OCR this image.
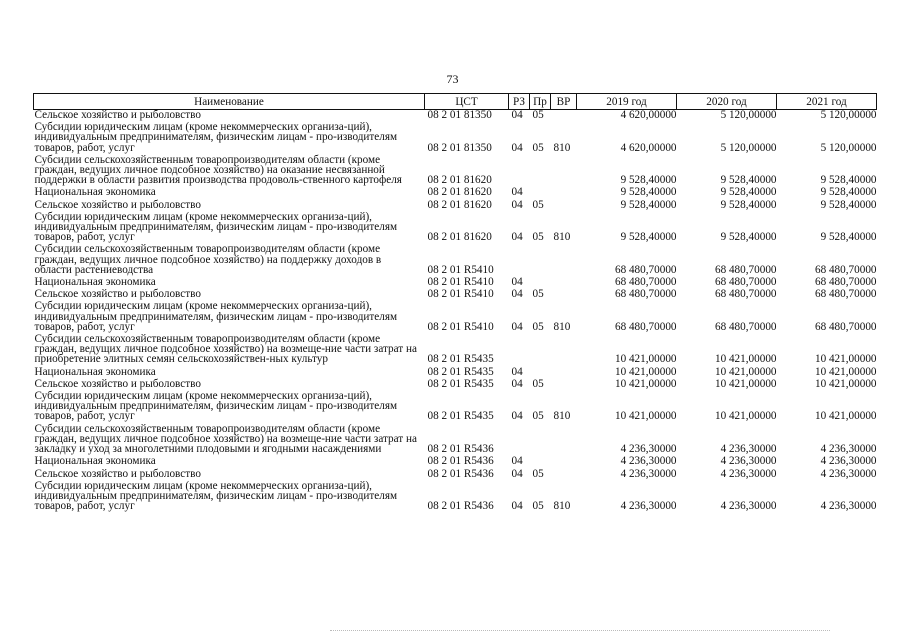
73
Наименование	ЦСТ	РЗ	Пр	ВР	2019 год	2020 год	2021 год
Сельское хозяйство и рыболовство	08 2 01 81350	04	05		4 620,00000	5 120,00000	5 120,00000
Субсидии юридическим лицам (кроме некоммерческих организа-ций), индивидуальным предпринимателям, физическим лицам - про-изводителям товаров, работ, услуг	08 2 01 81350	04	05	810	4 620,00000	5 120,00000	5 120,00000
Субсидии сельскохозяйственным товаропроизводителям области (кроме граждан, ведущих личное подсобное хозяйство) на оказание несвязанной поддержки в области развития производства продоволь-ственного картофеля	08 2 01 81620				9 528,40000	9 528,40000	9 528,40000
Национальная экономика	08 2 01 81620	04			9 528,40000	9 528,40000	9 528,40000
Сельское хозяйство и рыболовство	08 2 01 81620	04	05		9 528,40000	9 528,40000	9 528,40000
Субсидии юридическим лицам (кроме некоммерческих организа-ций), индивидуальным предпринимателям, физическим лицам - про-изводителям товаров, работ, услуг	08 2 01 81620	04	05	810	9 528,40000	9 528,40000	9 528,40000
Субсидии сельскохозяйственным товаропроизводителям области (кроме граждан, ведущих личное подсобное хозяйство) на поддержку доходов в области растениеводства	08 2 01 R5410				68 480,70000	68 480,70000	68 480,70000
Национальная экономика	08 2 01 R5410	04			68 480,70000	68 480,70000	68 480,70000
Сельское хозяйство и рыболовство	08 2 01 R5410	04	05		68 480,70000	68 480,70000	68 480,70000
Субсидии юридическим лицам (кроме некоммерческих организа-ций), индивидуальным предпринимателям, физическим лицам - про-изводителям товаров, работ, услуг	08 2 01 R5410	04	05	810	68 480,70000	68 480,70000	68 480,70000
Субсидии сельскохозяйственным товаропроизводителям области (кроме граждан, ведущих личное подсобное хозяйство) на возмеще-ние части затрат на приобретение элитных семян сельскохозяйствен-ных культур	08 2 01 R5435				10 421,00000	10 421,00000	10 421,00000
Национальная экономика	08 2 01 R5435	04			10 421,00000	10 421,00000	10 421,00000
Сельское хозяйство и рыболовство	08 2 01 R5435	04	05		10 421,00000	10 421,00000	10 421,00000
Субсидии юридическим лицам (кроме некоммерческих организа-ций), индивидуальным предпринимателям, физическим лицам - про-изводителям товаров, работ, услуг	08 2 01 R5435	04	05	810	10 421,00000	10 421,00000	10 421,00000
Субсидии сельскохозяйственным товаропроизводителям области (кроме граждан, ведущих личное подсобное хозяйство) на возмеще-ние части затрат на закладку и уход за многолетними плодовыми и ягодными насаждениями	08 2 01 R5436				4 236,30000	4 236,30000	4 236,30000
Национальная экономика	08 2 01 R5436	04			4 236,30000	4 236,30000	4 236,30000
Сельское хозяйство и рыболовство	08 2 01 R5436	04	05		4 236,30000	4 236,30000	4 236,30000
Субсидии юридическим лицам (кроме некоммерческих организа-ций), индивидуальным предпринимателям, физическим лицам - про-изводителям товаров, работ, услуг	08 2 01 R5436	04	05	810	4 236,30000	4 236,30000	4 236,30000
